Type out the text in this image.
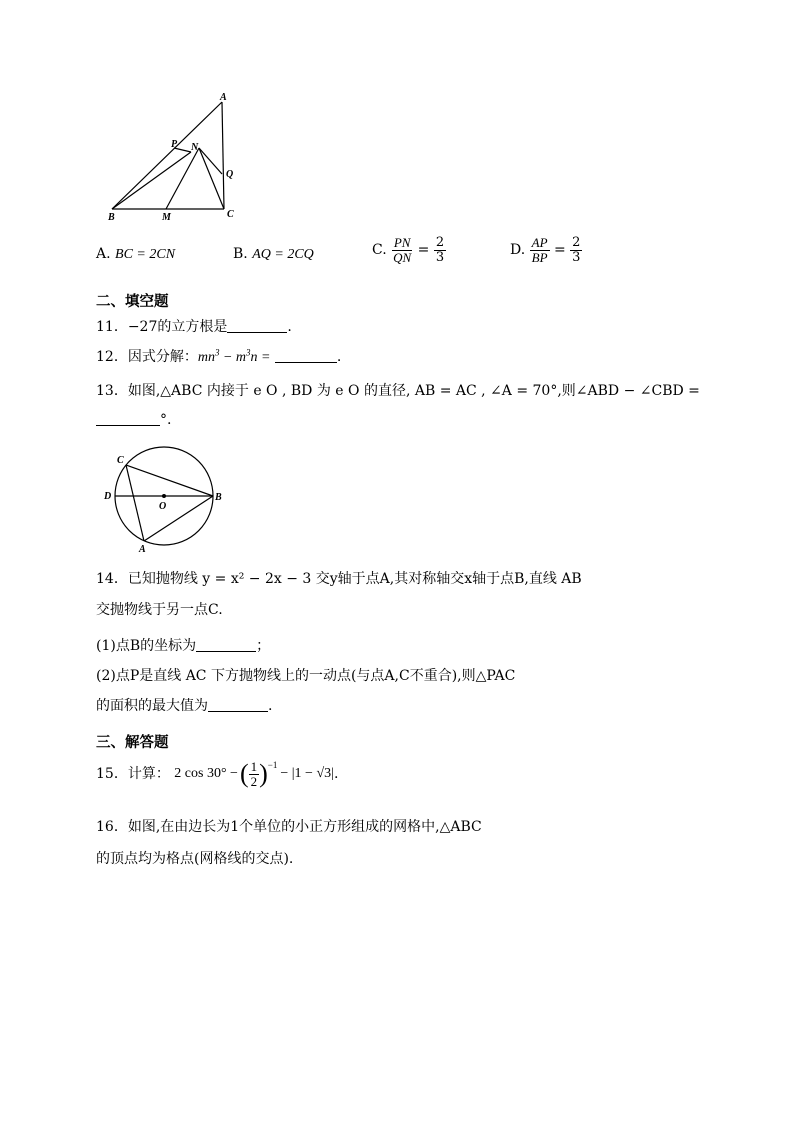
A
P N
Q
B	M	C
A. BC = 2CN	B. AQ = 2CQ	C. $\frac{PN}{QN} = \frac{2}{3}$	D. $\frac{AP}{BP} = \frac{2}{3}$
二、填空题
11．−27的立方根是	.
12．因式分解：$mn^3 - m^3n$ =	.
13．如图,△ABC 内接于 e O , BD 为 e O 的直径, AB = AC , ∠A = 70°,则∠ABD − ∠CBD =
°.
C
D
O
B
A
14．已知抛物线 y = x² − 2x − 3 交y轴于点A,其对称轴交x轴于点B,直线 AB
交抛物线于另一点C.
(1)点B的坐标为	；
(2)点P是直线 AC 下方抛物线上的一动点(与点A,C不重合),则△PAC
的面积的最大值为	.
三、解答题
15．计算： 2 cos 30° − ( $\frac{1}{2} )^{-1}$
− |1 − √3| .
16．如图,在由边长为1个单位的小正方形组成的网格中,△ABC
的顶点均为格点(网格线的交点).
